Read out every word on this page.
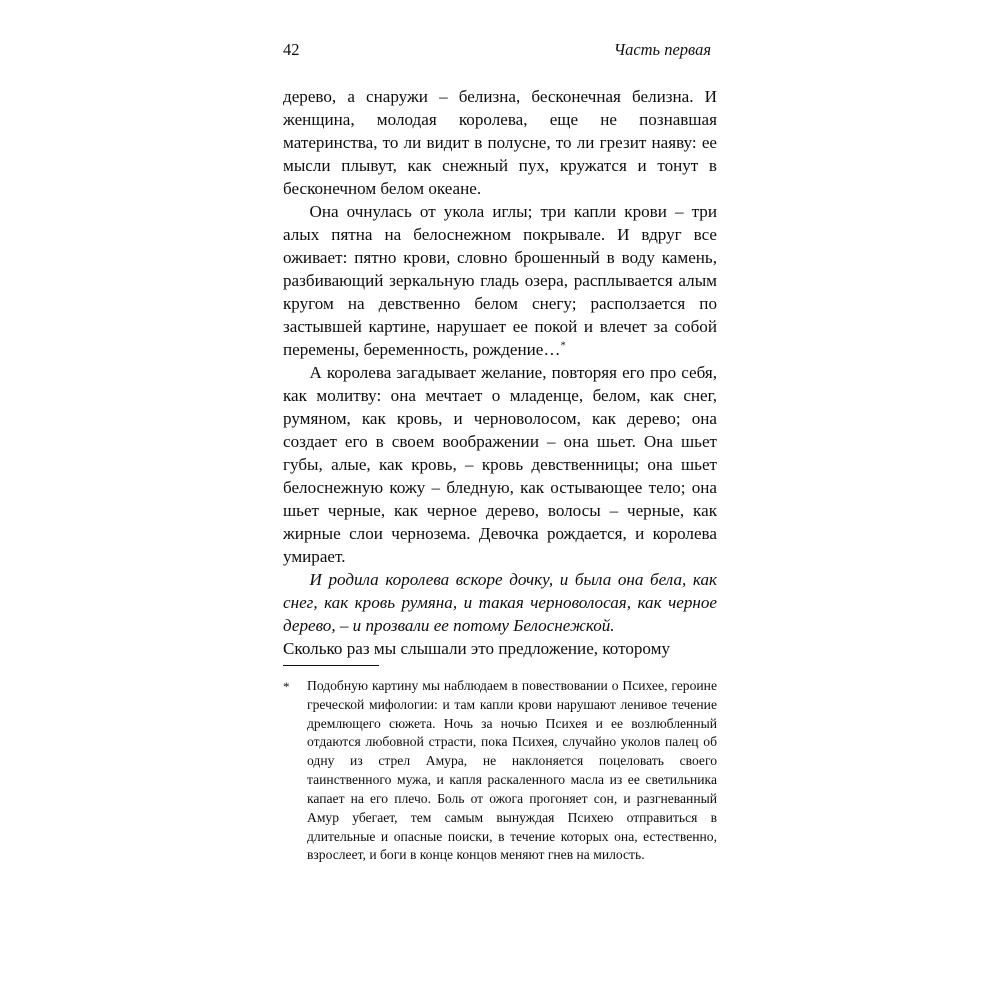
42	Часть первая

дерево, а снаружи – белизна, бесконечная белизна. И женщина, молодая королева, еще не познавшая материнства, то ли видит в полусне, то ли грезит наяву: ее мысли плывут, как снежный пух, кружатся и тонут в бесконечном белом океане.

Она очнулась от укола иглы; три капли крови – три алых пятна на белоснежном покрывале. И вдруг все оживает: пятно крови, словно брошенный в воду камень, разбивающий зеркальную гладь озера, расплывается алым кругом на девственно белом снегу; расползается по застывшей картине, нарушает ее покой и влечет за собой перемены, беременность, рождение…*

А королева загадывает желание, повторяя его про себя, как молитву: она мечтает о младенце, белом, как снег, румяном, как кровь, и черноволосом, как дерево; она создает его в своем воображении – она шьет. Она шьет губы, алые, как кровь, – кровь девственницы; она шьет белоснежную кожу – бледную, как остывающее тело; она шьет черные, как черное дерево, волосы – черные, как жирные слои чернозема. Девочка рождается, и королева умирает.

И родила королева вскоре дочку, и была она бела, как снег, как кровь румяна, и такая черноволосая, как черное дерево, – и прозвали ее потому Белоснежкой.

Сколько раз мы слышали это предложение, которому

*	Подобную картину мы наблюдаем в повествовании о Психее, героине греческой мифологии: и там капли крови нарушают ленивое течение дремлющего сюжета. Ночь за ночью Психея и ее возлюбленный отдаются любовной страсти, пока Психея, случайно уколов палец об одну из стрел Амура, не наклоняется поцеловать своего таинственного мужа, и капля раскаленного масла из ее светильника капает на его плечо. Боль от ожога прогоняет сон, и разгневанный Амур убегает, тем самым вынуждая Психею отправиться в длительные и опасные поиски, в течение которых она, естественно, взрослеет, и боги в конце концов меняют гнев на милость.
